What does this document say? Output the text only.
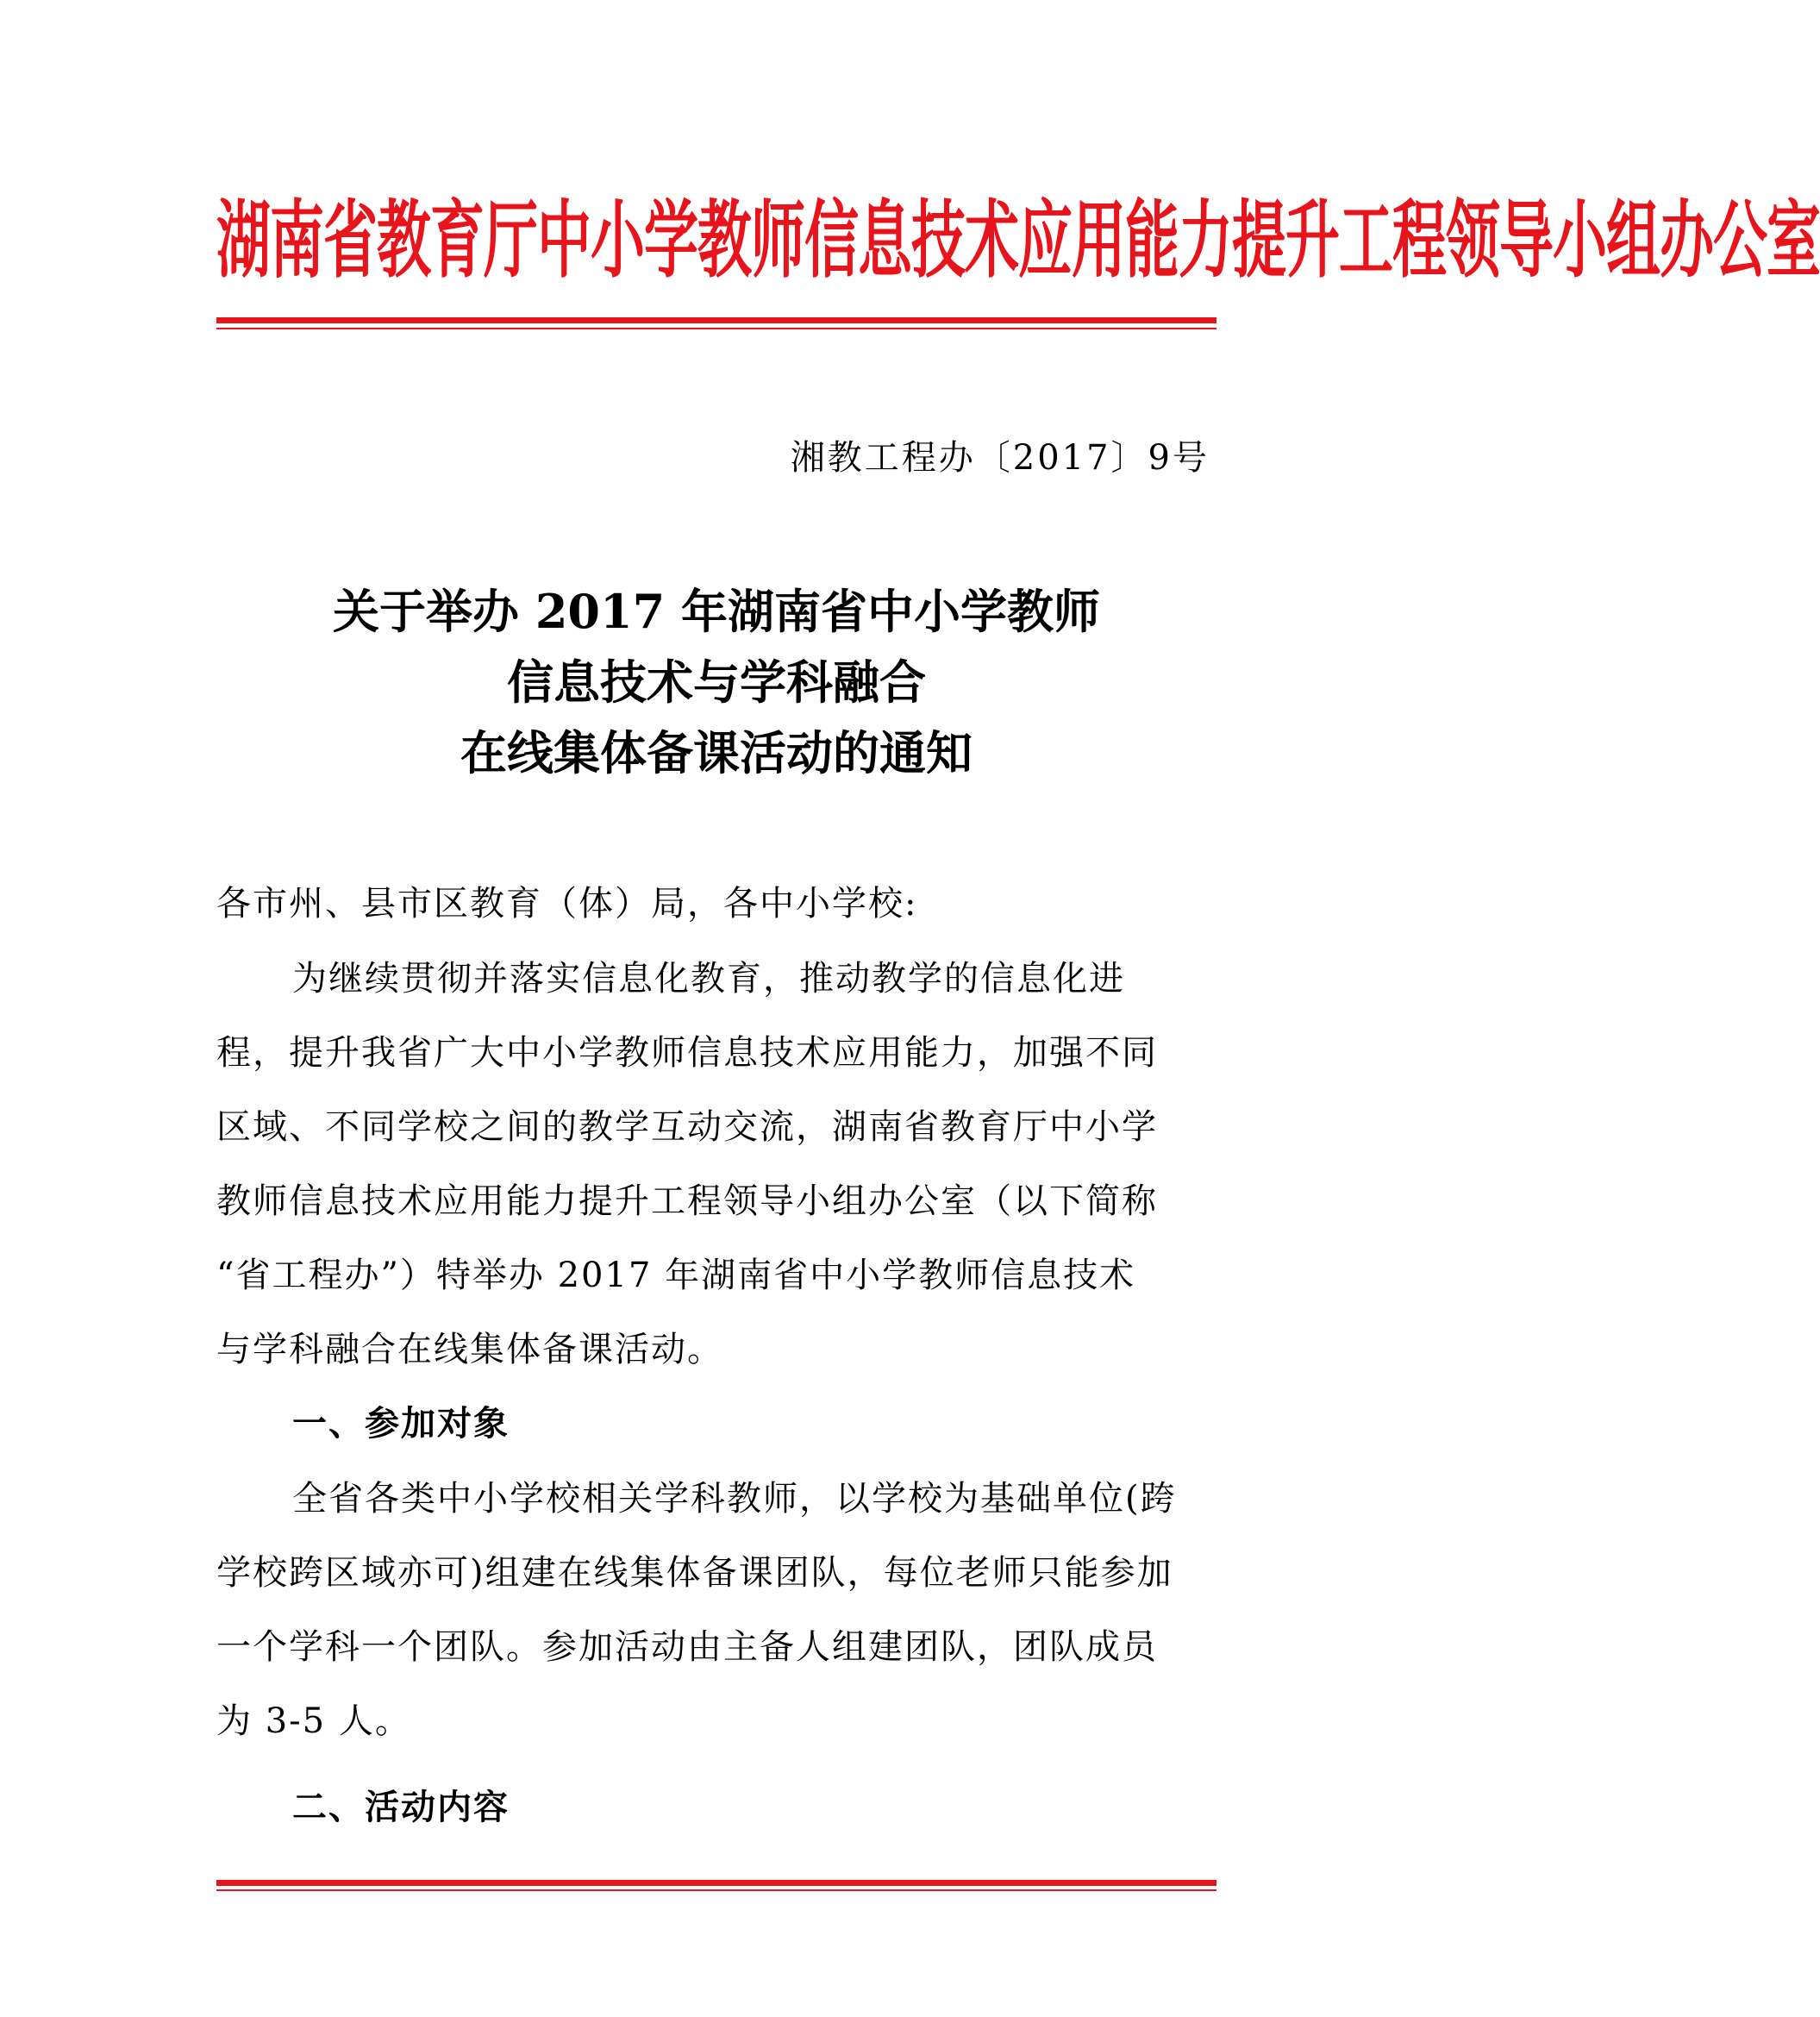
湖南省教育厅中小学教师信息技术应用能力提升工程领导小组办公室
湘教工程办〔2017〕9号
关于举办 2017 年湖南省中小学教师
信息技术与学科融合
在线集体备课活动的通知
各市州、县市区教育（体）局，各中小学校:
为继续贯彻并落实信息化教育，推动教学的信息化进
程，提升我省广大中小学教师信息技术应用能力，加强不同
区域、不同学校之间的教学互动交流，湖南省教育厅中小学
教师信息技术应用能力提升工程领导小组办公室（以下简称
“省工程办”）特举办 2017 年湖南省中小学教师信息技术
与学科融合在线集体备课活动。
一、参加对象
全省各类中小学校相关学科教师，以学校为基础单位(跨
学校跨区域亦可)组建在线集体备课团队，每位老师只能参加
一个学科一个团队。参加活动由主备人组建团队，团队成员
为 3-5 人。
二、活动内容
